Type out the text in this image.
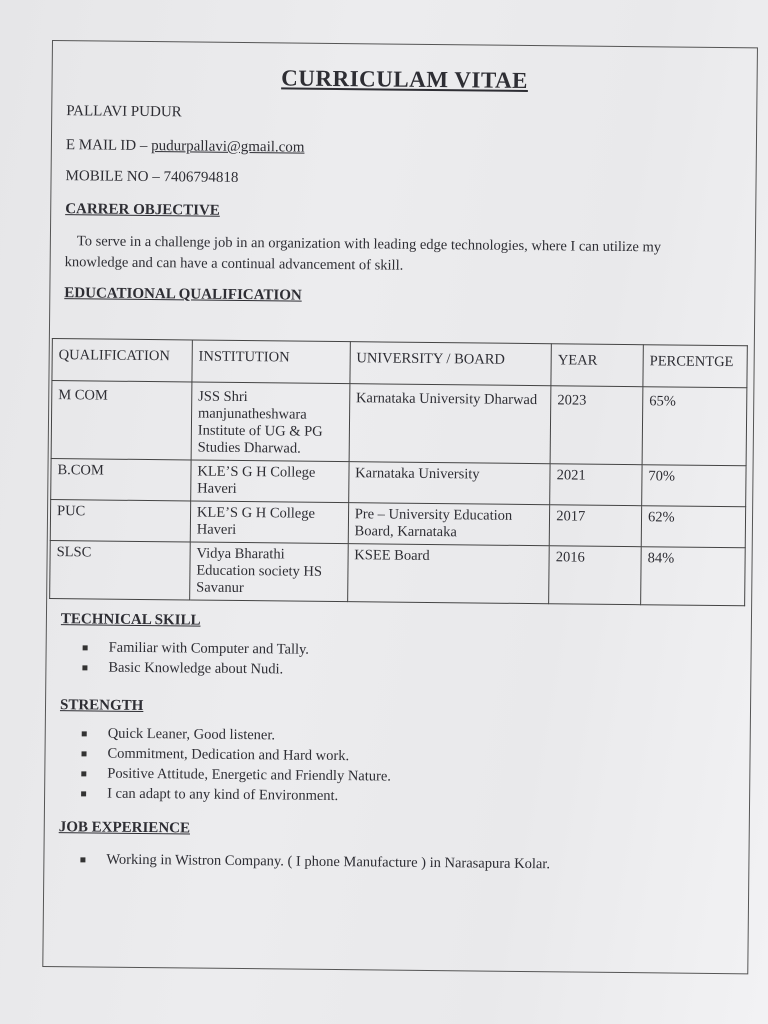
CURRICULAM VITAE
PALLAVI PUDUR
E MAIL ID – pudurpallavi@gmail.com
MOBILE NO – 7406794818
CARRER OBJECTIVE
To serve in a challenge job in an organization with leading edge technologies, where I can utilize my knowledge and can have a continual advancement of skill.
EDUCATIONAL QUALIFICATION
QUALIFICATION	INSTITUTION	UNIVERSITY / BOARD	YEAR	PERCENTGE
M COM	JSS Shri manjunatheshwara Institute of UG & PG Studies Dharwad.	Karnataka University Dharwad	2023	65%
B.COM	KLE’S G H College Haveri	Karnataka University	2021	70%
PUC	KLE’S G H College Haveri	Pre – University Education Board, Karnataka	2017	62%
SLSC	Vidya Bharathi Education society HS Savanur	KSEE Board	2016	84%
TECHNICAL SKILL
Familiar with Computer and Tally.
Basic Knowledge about Nudi.
STRENGTH
Quick Leaner, Good listener.
Commitment, Dedication and Hard work.
Positive Attitude, Energetic and Friendly Nature.
I can adapt to any kind of Environment.
JOB EXPERIENCE
Working in Wistron Company. ( I phone Manufacture ) in Narasapura Kolar.
